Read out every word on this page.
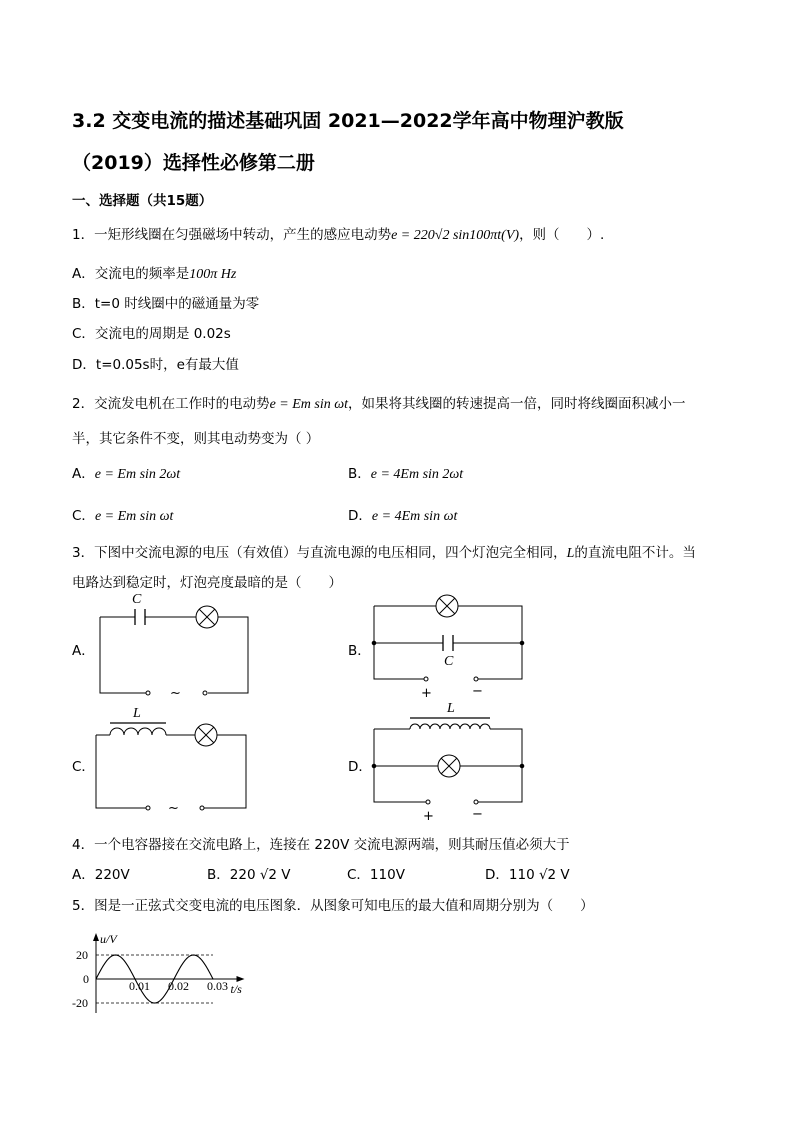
3.2 交变电流的描述基础巩固 2021—2022学年高中物理沪教版
（2019）选择性必修第二册
一、选择题（共15题）
1．一矩形线圈在匀强磁场中转动，产生的感应电动势e = 220√2 sin100πt(V)，则（　　）.
A．交流电的频率是100π Hz
B．t=0 时线圈中的磁通量为零
C．交流电的周期是 0.02s
D．t=0.05s时，e有最大值
2．交流发电机在工作时的电动势e = Em sin ωt，如果将其线圈的转速提高一倍，同时将线圈面积减小一
半，其它条件不变，则其电动势变为（ ）
A．e = Em sin 2ωt	B．e = 4Em sin 2ωt
C．e = Em sin ωt	D．e = 4Em sin ωt
3．下图中交流电源的电压（有效值）与直流电源的电压相同，四个灯泡完全相同，L的直流电阻不计。当
电路达到稳定时，灯泡亮度最暗的是（　　）
A．	B．
C．	D．
C
~
C
+	−
L
~
L
+	−
4．一个电容器接在交流电路上，连接在 220V 交流电源两端，则其耐压值必须大于
A．220V	B．220 √2 V	C．110V	D．110 √2 V
5．图是一正弦式交变电流的电压图象．从图象可知电压的最大值和周期分别为（　　）
0.01 0.02 0.03
20
0
-20
u/V
t/s
